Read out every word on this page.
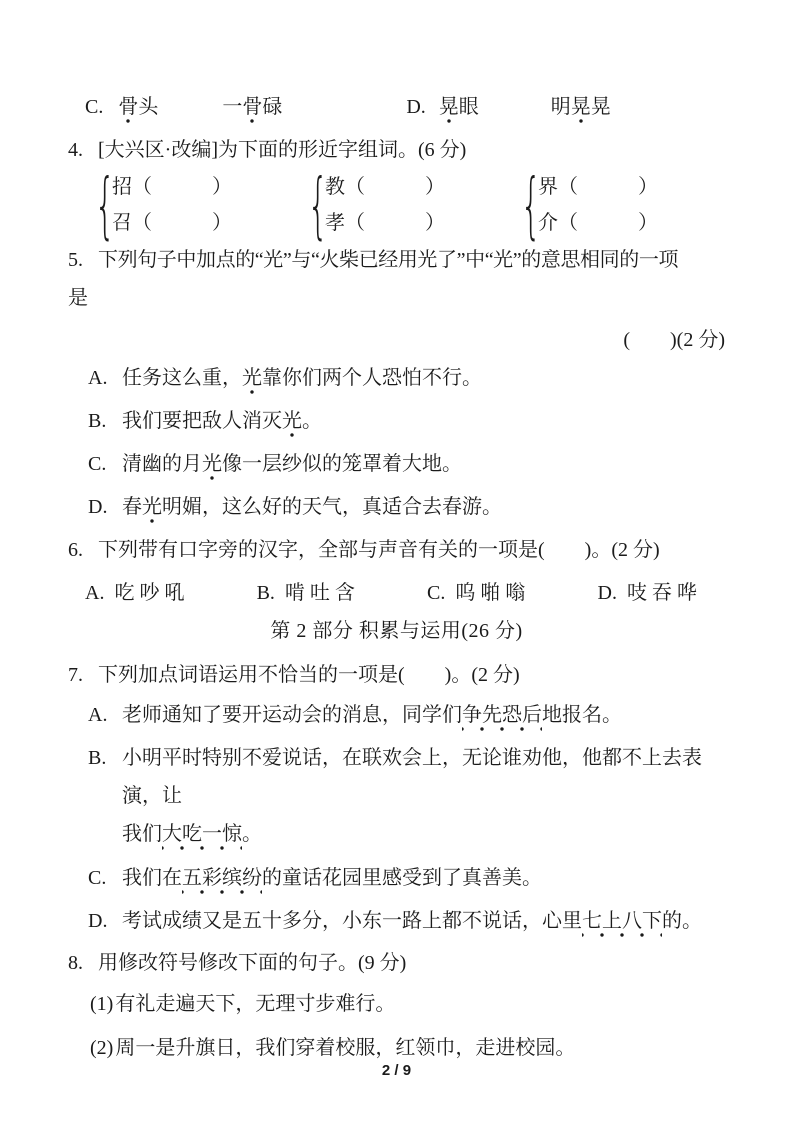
C. 骨头	一骨碌	D. 晃眼	明晃晃
4. [大兴区·改编]为下面的形近字组词。(6 分)
{
招（　　　）
召（　　　） {
教（　　　）
孝（　　　） {
界（　　　）
介（　　　）
5. 下列句子中加点的“光”与“火柴已经用光了”中“光”的意思相同的一项
是
(　　)(2 分)
A. 任务这么重，光靠你们两个人恐怕不行。
B. 我们要把敌人消灭光。
C. 清幽的月光像一层纱似的笼罩着大地。
D. 春光明媚，这么好的天气，真适合去春游。
6. 下列带有口字旁的汉字，全部与声音有关的一项是(　　)。(2 分)
A. 吃 吵 吼	B. 啃 吐 含	C. 呜 啪 嗡	D. 吱 吞 哗
第 2 部分 积累与运用(26 分)
7. 下列加点词语运用不恰当的一项是(　　)。(2 分)
A. 老师通知了要开运动会的消息，同学们争先恐后地报名。
B. 小明平时特别不爱说话，在联欢会上，无论谁劝他，他都不上去表演，让
我们大吃一惊。
C. 我们在五彩缤纷的童话花园里感受到了真善美。
D. 考试成绩又是五十多分，小东一路上都不说话，心里七上八下的。
8. 用修改符号修改下面的句子。(9 分)
(1) 有礼走遍天下，无理寸步难行。
(2) 周一是升旗日，我们穿着校服，红领巾，走进校园。
2 / 9
